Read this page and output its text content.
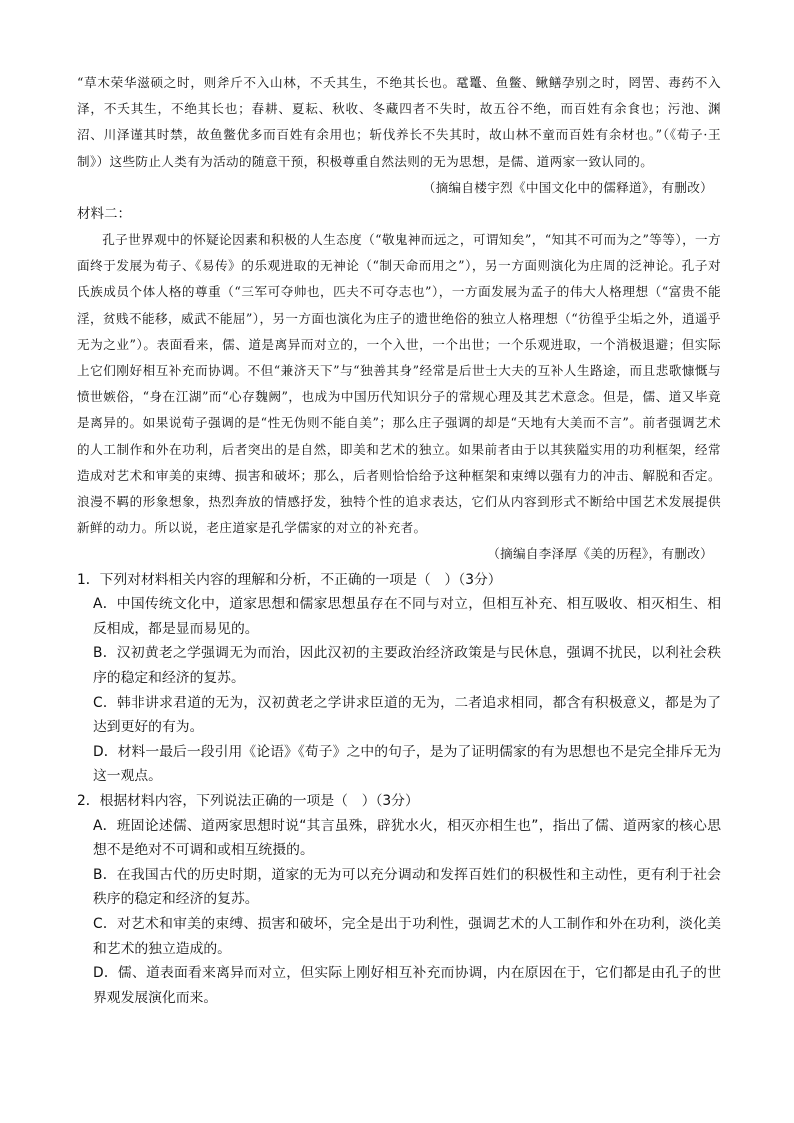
“草木荣华滋硕之时，则斧斤不入山林，不夭其生，不绝其长也。鼋鼍、鱼鳖、鳅鳝孕别之时，罔罟、毒药不入泽，不夭其生，不绝其长也；春耕、夏耘、秋收、冬藏四者不失时，故五谷不绝，而百姓有余食也；污池、渊沼、川泽谨其时禁，故鱼鳖优多而百姓有余用也；斩伐养长不失其时，故山林不童而百姓有余材也。”（《荀子·王制》）这些防止人类有为活动的随意干预，积极尊重自然法则的无为思想，是儒、道两家一致认同的。

（摘编自楼宇烈《中国文化中的儒释道》，有删改）

材料二：

孔子世界观中的怀疑论因素和积极的人生态度（“敬鬼神而远之，可谓知矣”，“知其不可而为之”等等），一方面终于发展为荀子、《易传》的乐观进取的无神论（“制天命而用之”），另一方面则演化为庄周的泛神论。孔子对氏族成员个体人格的尊重（“三军可夺帅也，匹夫不可夺志也”），一方面发展为孟子的伟大人格理想（“富贵不能淫，贫贱不能移，威武不能屈”），另一方面也演化为庄子的遗世绝俗的独立人格理想（“彷徨乎尘垢之外，逍遥乎无为之业”）。表面看来，儒、道是离异而对立的，一个入世，一个出世；一个乐观进取，一个消极退避；但实际上它们刚好相互补充而协调。不但“兼济天下”与“独善其身”经常是后世士大夫的互补人生路途，而且悲歌慷慨与愤世嫉俗，“身在江湖”而“心存魏阙”，也成为中国历代知识分子的常规心理及其艺术意念。但是，儒、道又毕竟是离异的。如果说荀子强调的是“性无伪则不能自美”；那么庄子强调的却是“天地有大美而不言”。前者强调艺术的人工制作和外在功利，后者突出的是自然，即美和艺术的独立。如果前者由于以其狭隘实用的功利框架，经常造成对艺术和审美的束缚、损害和破坏；那么，后者则恰恰给予这种框架和束缚以强有力的冲击、解脱和否定。浪漫不羁的形象想象，热烈奔放的情感抒发，独特个性的追求表达，它们从内容到形式不断给中国艺术发展提供新鲜的动力。所以说，老庄道家是孔学儒家的对立的补充者。

（摘编自李泽厚《美的历程》，有删改）

1．下列对材料相关内容的理解和分析，不正确的一项是（　）（3分）

A．中国传统文化中，道家思想和儒家思想虽存在不同与对立，但相互补充、相互吸收、相灭相生、相反相成，都是显而易见的。

B．汉初黄老之学强调无为而治，因此汉初的主要政治经济政策是与民休息，强调不扰民，以利社会秩序的稳定和经济的复苏。

C．韩非讲求君道的无为，汉初黄老之学讲求臣道的无为，二者追求相同，都含有积极意义，都是为了达到更好的有为。

D．材料一最后一段引用《论语》《荀子》之中的句子，是为了证明儒家的有为思想也不是完全排斥无为这一观点。

2．根据材料内容，下列说法正确的一项是（　）（3分）

A．班固论述儒、道两家思想时说“其言虽殊，辟犹水火，相灭亦相生也”，指出了儒、道两家的核心思想不是绝对不可调和或相互统摄的。

B．在我国古代的历史时期，道家的无为可以充分调动和发挥百姓们的积极性和主动性，更有利于社会秩序的稳定和经济的复苏。

C．对艺术和审美的束缚、损害和破坏，完全是出于功利性，强调艺术的人工制作和外在功利，淡化美和艺术的独立造成的。

D．儒、道表面看来离异而对立，但实际上刚好相互补充而协调，内在原因在于，它们都是由孔子的世界观发展演化而来。
